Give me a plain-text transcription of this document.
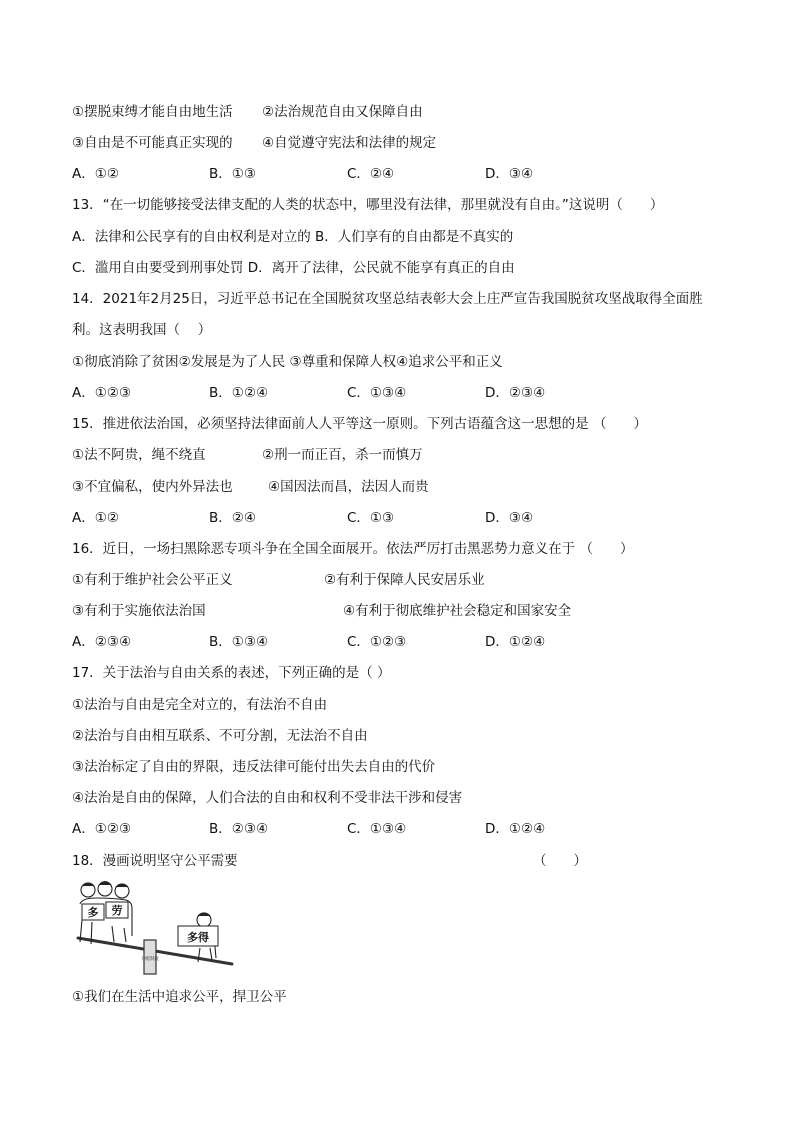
①摆脱束缚才能自由地生活 ②法治规范自由又保障自由
③自由是不可能真正实现的 ④自觉遵守宪法和法律的规定
A．①②	B．①③	C．②④	D．③④
13．“在一切能够接受法律支配的人类的状态中，哪里没有法律，那里就没有自由。”这说明（　　）
A．法律和公民享有的自由权利是对立的 B．人们享有的自由都是不真实的
C．滥用自由要受到刑事处罚 D．离开了法律，公民就不能享有真正的自由
14．2021年2月25日，习近平总书记在全国脱贫攻坚总结表彰大会上庄严宣告我国脱贫攻坚战取得全面胜
利。这表明我国（　 ）
①彻底消除了贫困②发展是为了人民 ③尊重和保障人权④追求公平和正义
A．①②③	B．①②④	C．①③④	D．②③④
15．推进依法治国，必须坚持法律面前人人平等这一原则。下列古语蕴含这一思想的是 （　　）
①法不阿贵，绳不绕直	②刑一而正百，杀一而慎万
③不宜偏私，使内外异法也	④国因法而昌，法因人而贵
A．①②	B．②④	C．①③	D．③④
16．近日，一场扫黑除恶专项斗争在全国全面展开。依法严厉打击黑恶势力意义在于 （　　）
①有利于维护社会公平正义	②有利于保障人民安居乐业
③有利于实施依法治国	④有利于彻底维护社会稳定和国家安全
A．②③④	B．①③④	C．①②③	D．①②④
17．关于法治与自由关系的表述，下列正确的是（ ）
①法治与自由是完全对立的，有法治不自由
②法治与自由相互联系、不可分割，无法治不自由
③法治标定了自由的界限，违反法律可能付出失去自由的代价
④法治是自由的保障，人们合法的自由和权利不受非法干涉和侵害
A．①②③	B．②③④	C．①③④	D．①②④
18．漫画说明坚守公平需要	（　　）
分配制度
多 劳
多得
①我们在生活中追求公平，捍卫公平
